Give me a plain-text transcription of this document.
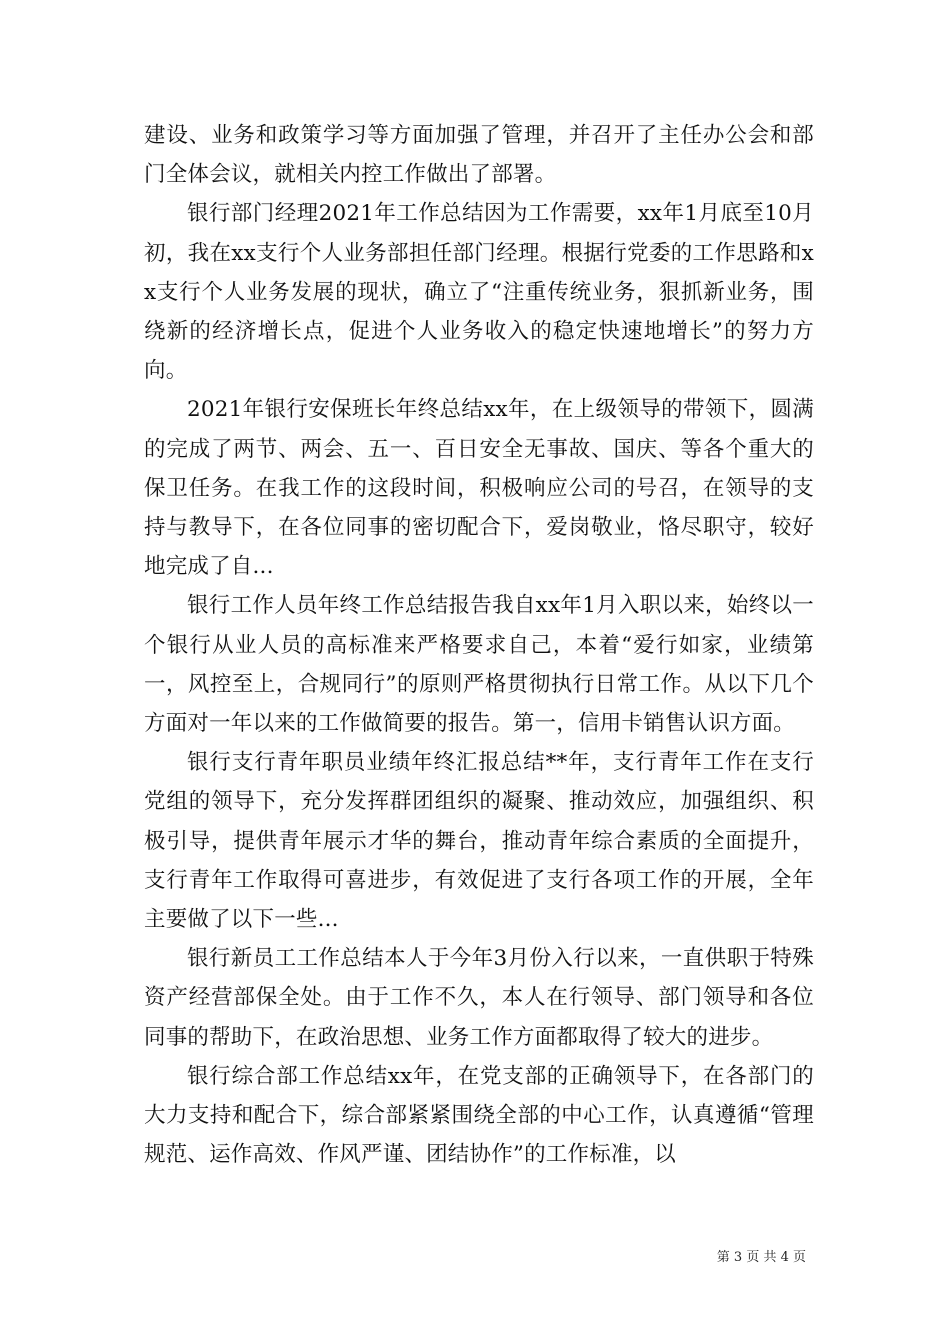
建设、业务和政策学习等方面加强了管理，并召开了主任办公会和部门全体会议，就相关内控工作做出了部署。

银行部门经理2021年工作总结因为工作需要，xx年1月底至10月初，我在xx支行个人业务部担任部门经理。根据行党委的工作思路和xx支行个人业务发展的现状，确立了“注重传统业务，狠抓新业务，围绕新的经济增长点，促进个人业务收入的稳定快速地增长”的努力方向。

2021年银行安保班长年终总结xx年，在上级领导的带领下，圆满的完成了两节、两会、五一、百日安全无事故、国庆、等各个重大的保卫任务。在我工作的这段时间，积极响应公司的号召，在领导的支持与教导下，在各位同事的密切配合下，爱岗敬业，恪尽职守，较好地完成了自...

银行工作人员年终工作总结报告我自xx年1月入职以来，始终以一个银行从业人员的高标准来严格要求自己，本着“爱行如家，业绩第一，风控至上，合规同行”的原则严格贯彻执行日常工作。从以下几个方面对一年以来的工作做简要的报告。第一，信用卡销售认识方面。

银行支行青年职员业绩年终汇报总结**年，支行青年工作在支行党组的领导下，充分发挥群团组织的凝聚、推动效应，加强组织、积极引导，提供青年展示才华的舞台，推动青年综合素质的全面提升，支行青年工作取得可喜进步，有效促进了支行各项工作的开展，全年主要做了以下一些...

银行新员工工作总结本人于今年3月份入行以来，一直供职于特殊资产经营部保全处。由于工作不久，本人在行领导、部门领导和各位同事的帮助下，在政治思想、业务工作方面都取得了较大的进步。

银行综合部工作总结xx年，在党支部的正确领导下，在各部门的大力支持和配合下，综合部紧紧围绕全部的中心工作，认真遵循“管理规范、运作高效、作风严谨、团结协作”的工作标准，以

第 3 页 共 4 页
